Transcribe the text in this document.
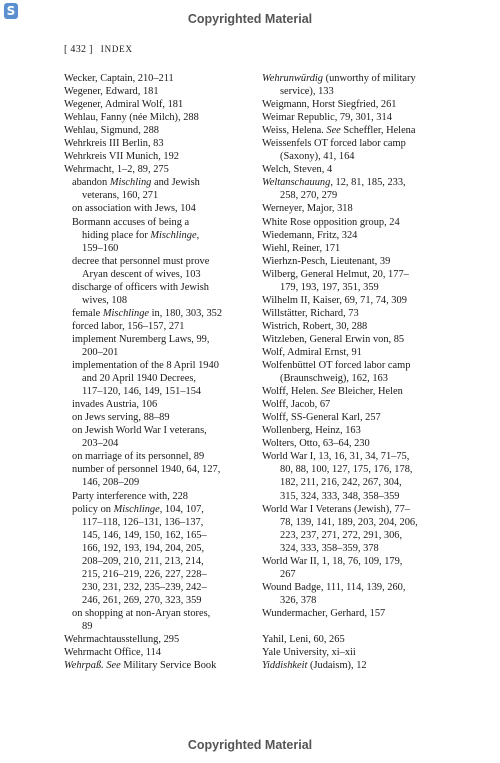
S
Copyrighted Material
[ 432 ] INDEX
Wecker, Captain, 210–211
Wegener, Edward, 181
Wegener, Admiral Wolf, 181
Wehlau, Fanny (née Milch), 288
Wehlau, Sigmund, 288
Wehrkreis III Berlin, 83
Wehrkreis VII Munich, 192
Wehrmacht, 1–2, 89, 275
abandon Mischling and Jewish
veterans, 160, 271
on association with Jews, 104
Bormann accuses of being a
hiding place for Mischlinge,
159–160
decree that personnel must prove
Aryan descent of wives, 103
discharge of officers with Jewish
wives, 108
female Mischlinge in, 180, 303, 352
forced labor, 156–157, 271
implement Nuremberg Laws, 99,
200–201
implementation of the 8 April 1940
and 20 April 1940 Decrees,
117–120, 146, 149, 151–154
invades Austria, 106
on Jews serving, 88–89
on Jewish World War I veterans,
203–204
on marriage of its personnel, 89
number of personnel 1940, 64, 127,
146, 208–209
Party interference with, 228
policy on Mischlinge, 104, 107,
117–118, 126–131, 136–137,
145, 146, 149, 150, 162, 165–
166, 192, 193, 194, 204, 205,
208–209, 210, 211, 213, 214,
215, 216–219, 226, 227, 228–
230, 231, 232, 235–239, 242–
246, 261, 269, 270, 323, 359
on shopping at non-Aryan stores,
89
Wehrmachtausstellung, 295
Wehrmacht Office, 114
Wehrpaß. See Military Service Book
Wehrunwürdig (unworthy of military
service), 133
Weigmann, Horst Siegfried, 261
Weimar Republic, 79, 301, 314
Weiss, Helena. See Scheffler, Helena
Weissenfels OT forced labor camp
(Saxony), 41, 164
Welch, Steven, 4
Weltanschauung, 12, 81, 185, 233,
258, 270, 279
Werneyer, Major, 318
White Rose opposition group, 24
Wiedemann, Fritz, 324
Wiehl, Reiner, 171
Wierhzn-Pesch, Lieutenant, 39
Wilberg, General Helmut, 20, 177–
179, 193, 197, 351, 359
Wilhelm II, Kaiser, 69, 71, 74, 309
Willstätter, Richard, 73
Wistrich, Robert, 30, 288
Witzleben, General Erwin von, 85
Wolf, Admiral Ernst, 91
Wolfenbüttel OT forced labor camp
(Braunschweig), 162, 163
Wolff, Helen. See Bleicher, Helen
Wolff, Jacob, 67
Wolff, SS-General Karl, 257
Wollenberg, Heinz, 163
Wolters, Otto, 63–64, 230
World War I, 13, 16, 31, 34, 71–75,
80, 88, 100, 127, 175, 176, 178,
182, 211, 216, 242, 267, 304,
315, 324, 333, 348, 358–359
World War I Veterans (Jewish), 77–
78, 139, 141, 189, 203, 204, 206,
223, 237, 271, 272, 291, 306,
324, 333, 358–359, 378
World War II, 1, 18, 76, 109, 179,
267
Wound Badge, 111, 114, 139, 260,
326, 378
Wundermacher, Gerhard, 157
Yahil, Leni, 60, 265
Yale University, xi–xii
Yiddishkeit (Judaism), 12
Copyrighted Material
